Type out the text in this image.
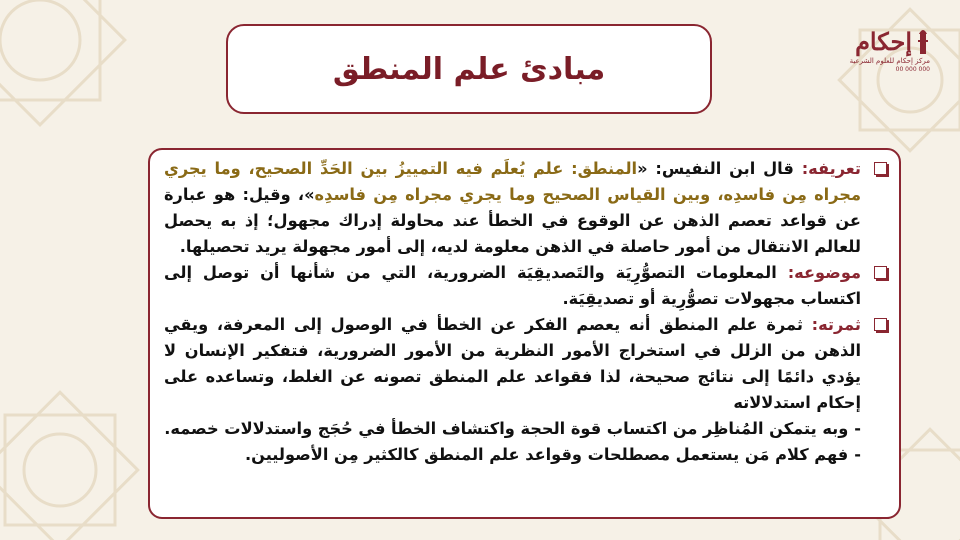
إحكام
مركز إحكام للعلوم الشرعية
00 000 000
مبادئ علم المنطق

تعريفه: قال ابن النفيس: «المنطق: علم يُعلَم فيه التمييزُ بين الحَدِّ الصحيح، وما يجري مجراه مِن فاسدِه، وبين القياس الصحيح وما يجري مجراه مِن فاسدِه»، وقيل: هو عبارة عن قواعد تعصم الذهن عن الوقوع في الخطأ عند محاولة إدراك مجهول؛ إذ به يحصل للعالم الانتقال من أمور حاصلة في الذهن معلومة لديه، إلى أمور مجهولة يريد تحصيلها.

موضوعه: المعلومات التصوُّرِيَة والتَصديقِيَة الضرورية، التي من شأنها أن توصل إلى اكتساب مجهولات تصوُّرِية أو تصديقِيَة.

ثمرته: ثمرة علم المنطق أنه يعصم الفكر عن الخطأ في الوصول إلى المعرفة، ويقي الذهن من الزلل في استخراج الأمور النظرية من الأمور الضرورية، فتفكير الإنسان لا يؤدي دائمًا إلى نتائج صحيحة، لذا فقواعد علم المنطق تصونه عن الغلط، وتساعده على إحكام استدلالاته

-وبه يتمكن المُناظِر من اكتساب قوة الحجة واكتشاف الخطأ في حُجَج واستدلالات خصمه.
-فهم كلام مَن يستعمل مصطلحات وقواعد علم المنطق كالكثير مِن الأصوليين.
